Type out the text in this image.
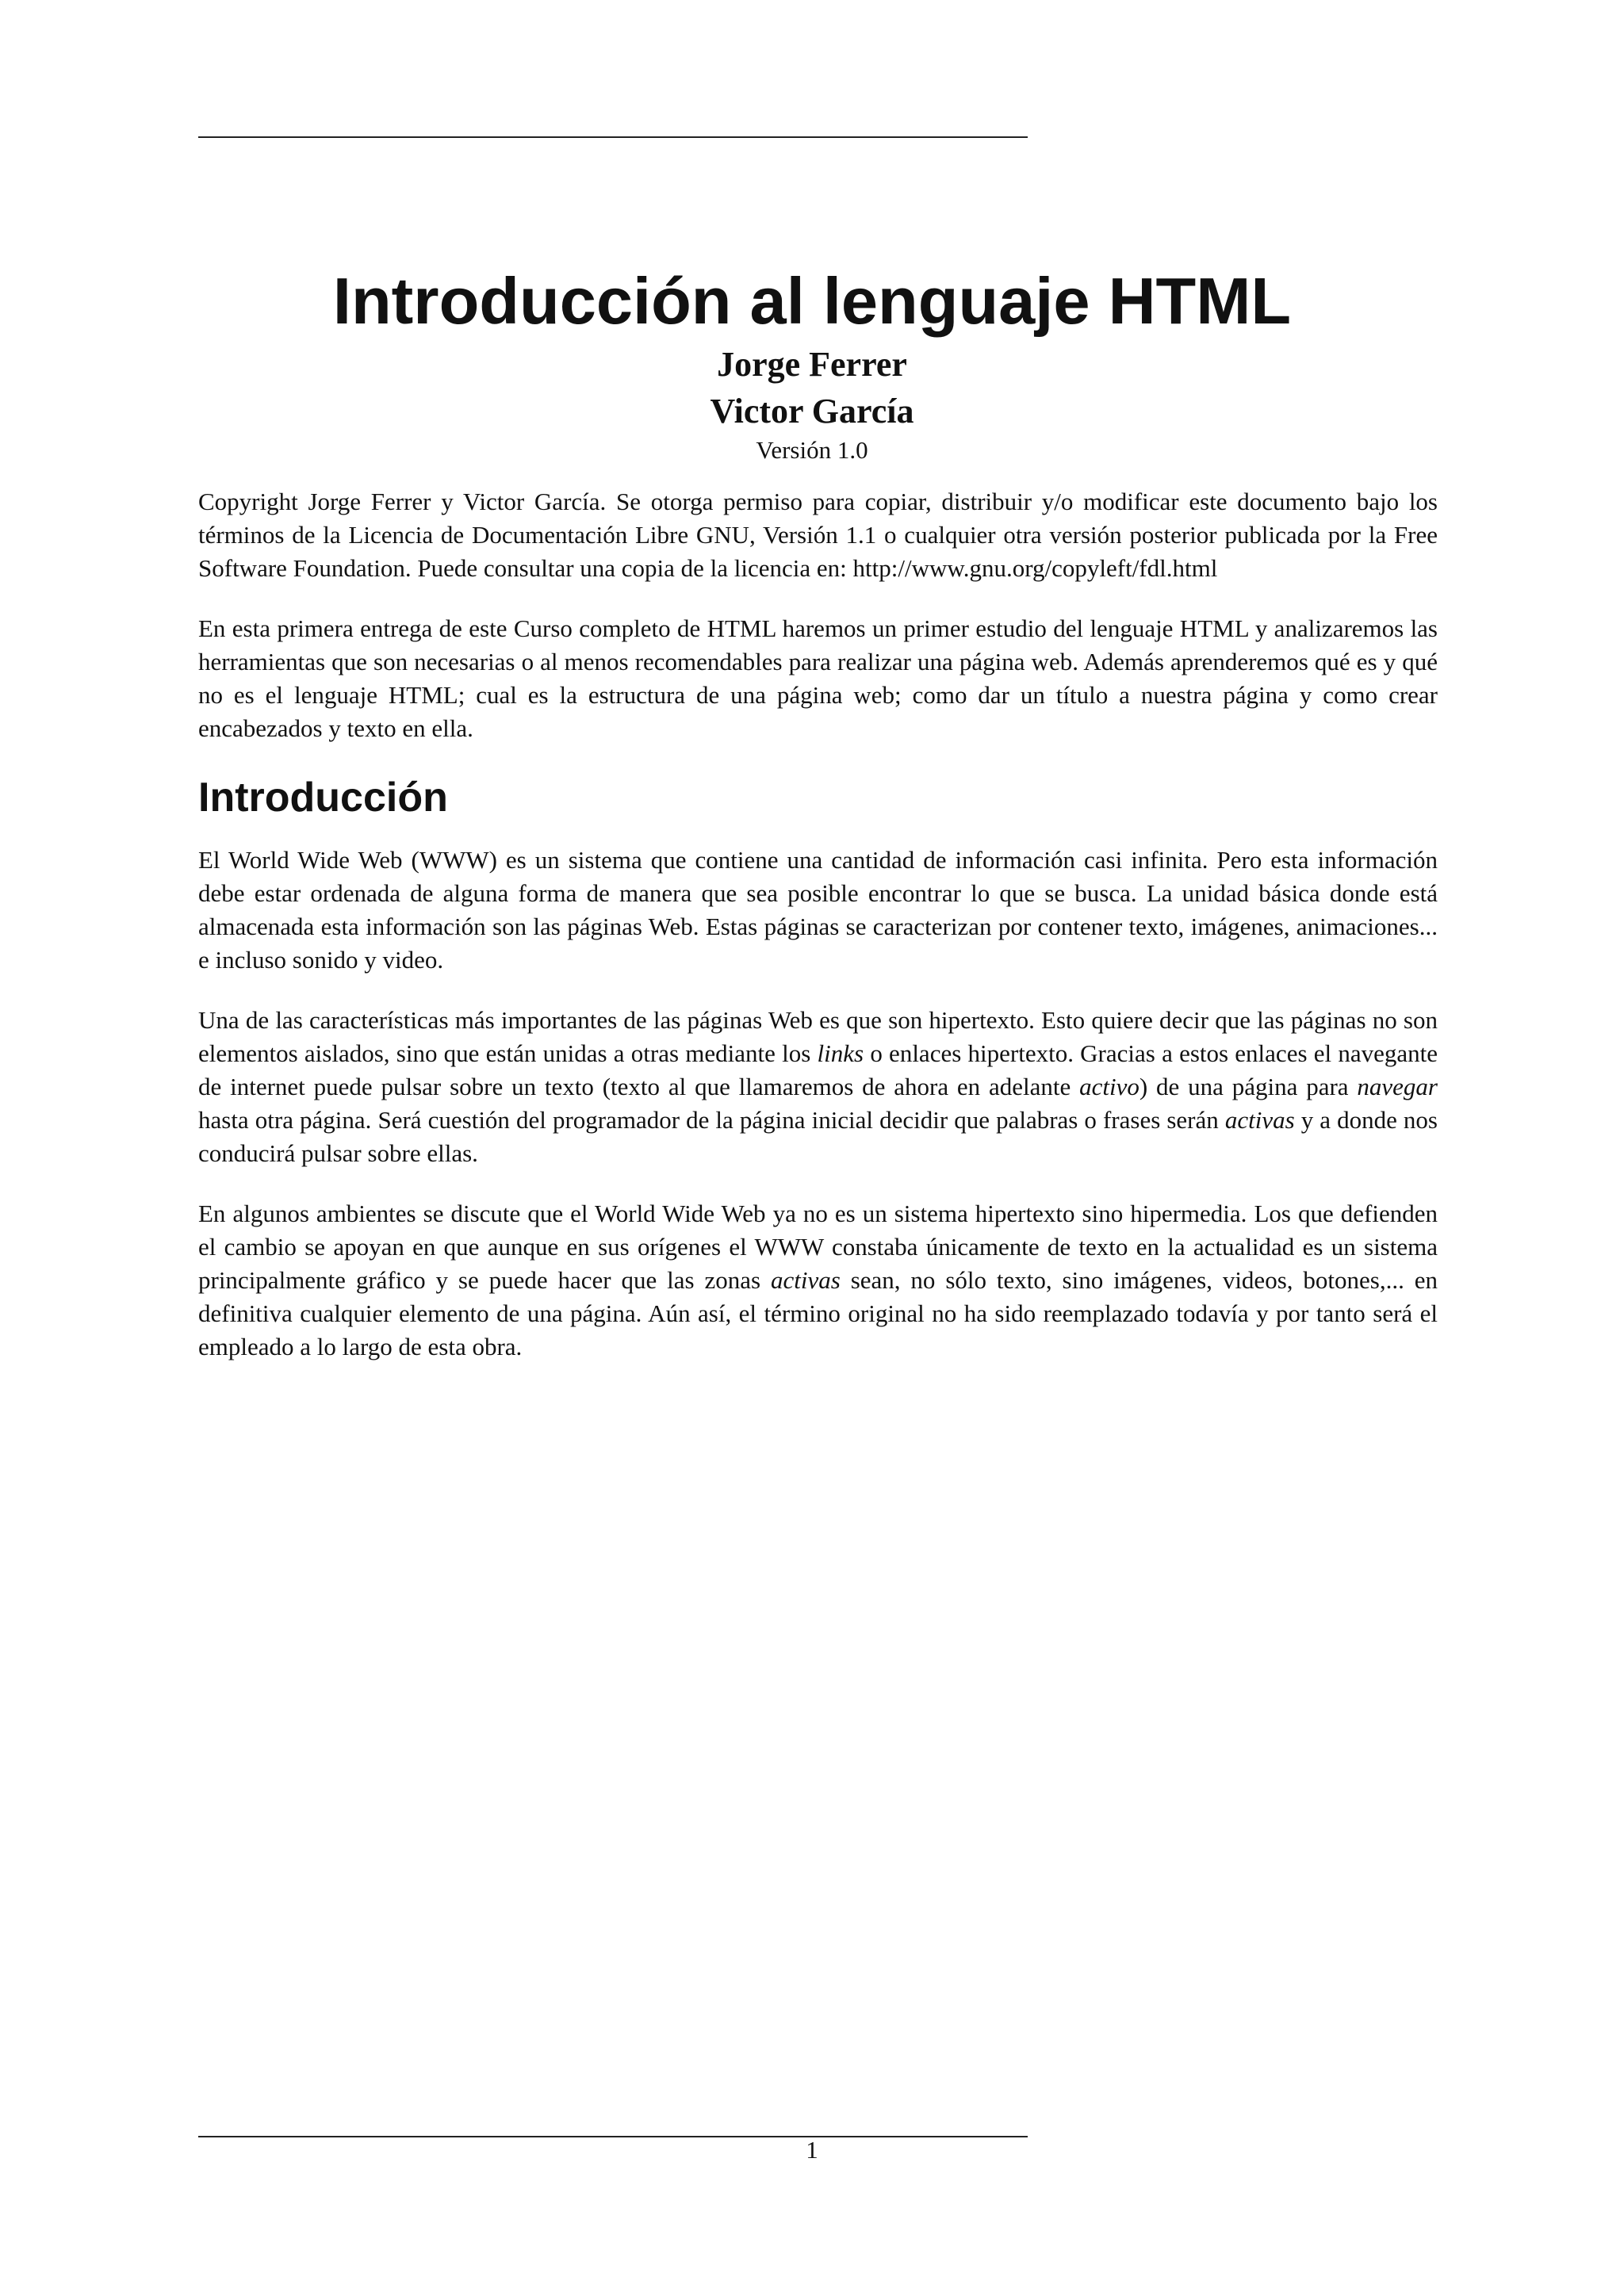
Introducción al lenguaje HTML
Jorge Ferrer
Victor García
Versión 1.0

Copyright Jorge Ferrer y Victor García. Se otorga permiso para copiar, distribuir y/o modificar este documento bajo los términos de la Licencia de Documentación Libre GNU, Versión 1.1 o cualquier otra versión posterior publicada por la Free Software Foundation. Puede consultar una copia de la licencia en: http://www.gnu.org/copyleft/fdl.html

En esta primera entrega de este Curso completo de HTML haremos un primer estudio del lenguaje HTML y analizaremos las herramientas que son necesarias o al menos recomendables para realizar una página web. Además aprenderemos qué es y qué no es el lenguaje HTML; cual es la estructura de una página web; como dar un título a nuestra página y como crear encabezados y texto en ella.

Introducción

El World Wide Web (WWW) es un sistema que contiene una cantidad de información casi infinita. Pero esta información debe estar ordenada de alguna forma de manera que sea posible encontrar lo que se busca. La unidad básica donde está almacenada esta información son las páginas Web. Estas páginas se caracterizan por contener texto, imágenes, animaciones... e incluso sonido y video.

Una de las características más importantes de las páginas Web es que son hipertexto. Esto quiere decir que las páginas no son elementos aislados, sino que están unidas a otras mediante los links o enlaces hipertexto. Gracias a estos enlaces el navegante de internet puede pulsar sobre un texto (texto al que llamaremos de ahora en adelante activo) de una página para navegar hasta otra página. Será cuestión del programador de la página inicial decidir que palabras o frases serán activas y a donde nos conducirá pulsar sobre ellas.

En algunos ambientes se discute que el World Wide Web ya no es un sistema hipertexto sino hipermedia. Los que defienden el cambio se apoyan en que aunque en sus orígenes el WWW constaba únicamente de texto en la actualidad es un sistema principalmente gráfico y se puede hacer que las zonas activas sean, no sólo texto, sino imágenes, videos, botones,... en definitiva cualquier elemento de una página. Aún así, el término original no ha sido reemplazado todavía y por tanto será el empleado a lo largo de esta obra.

1
